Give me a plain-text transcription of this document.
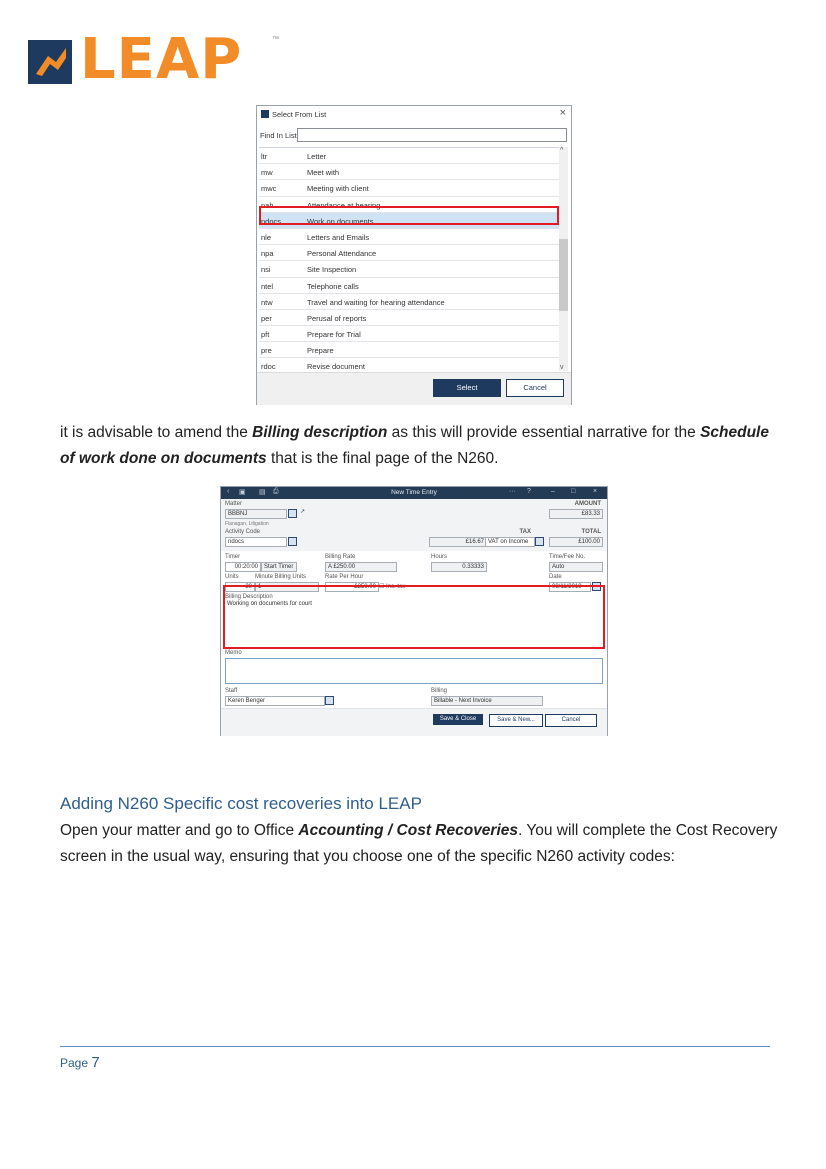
LEAP	™
Select From List	×
Find In List
ltr	Letter
mw	Meet with
mwc	Meeting with client
nah	Attendance at hearing
ndocs	Work on documents
nle	Letters and Emails
npa	Personal Attendance
nsi	Site Inspection
ntel	Telephone calls
ntw	Travel and waiting for hearing attendance
per	Perusal of reports
pft	Prepare for Trial
pre	Prepare
rdoc	Revise document
^
v
Select	Cancel
it is advisable to amend the Billing description as this will provide essential narrative for the Schedule of work done on documents that is the final page of the N260.
‹ ▣ ▤ ⎙	New Time Entry	··· ?	– □	×
Matter
BBBNJ	↗
Flanagan, Litigation
AMOUNT
£83.33
Activity Code
ndocs
TAX
£16.67 VAT on Income
TOTAL
£100.00
Timer
00:20:00	Start Timer
Billing Rate
A £250.00
Hours
0.33333
Time/Fee No.
Auto
Units
20
Minute Billing Units
1
Rate Per Hour
£250.00 ☐ Inc. tax
Date
08/11/2019
Billing Description
Working on documents for court
Memo
Staff
Keren Benger
Billing
Billable - Next Invoice
Save & Close	Save & New...	Cancel
Adding N260 Specific cost recoveries into LEAP
Open your matter and go to Office Accounting / Cost Recoveries. You will complete the Cost Recovery screen in the usual way, ensuring that you choose one of the specific N260 activity codes:
Page 7
